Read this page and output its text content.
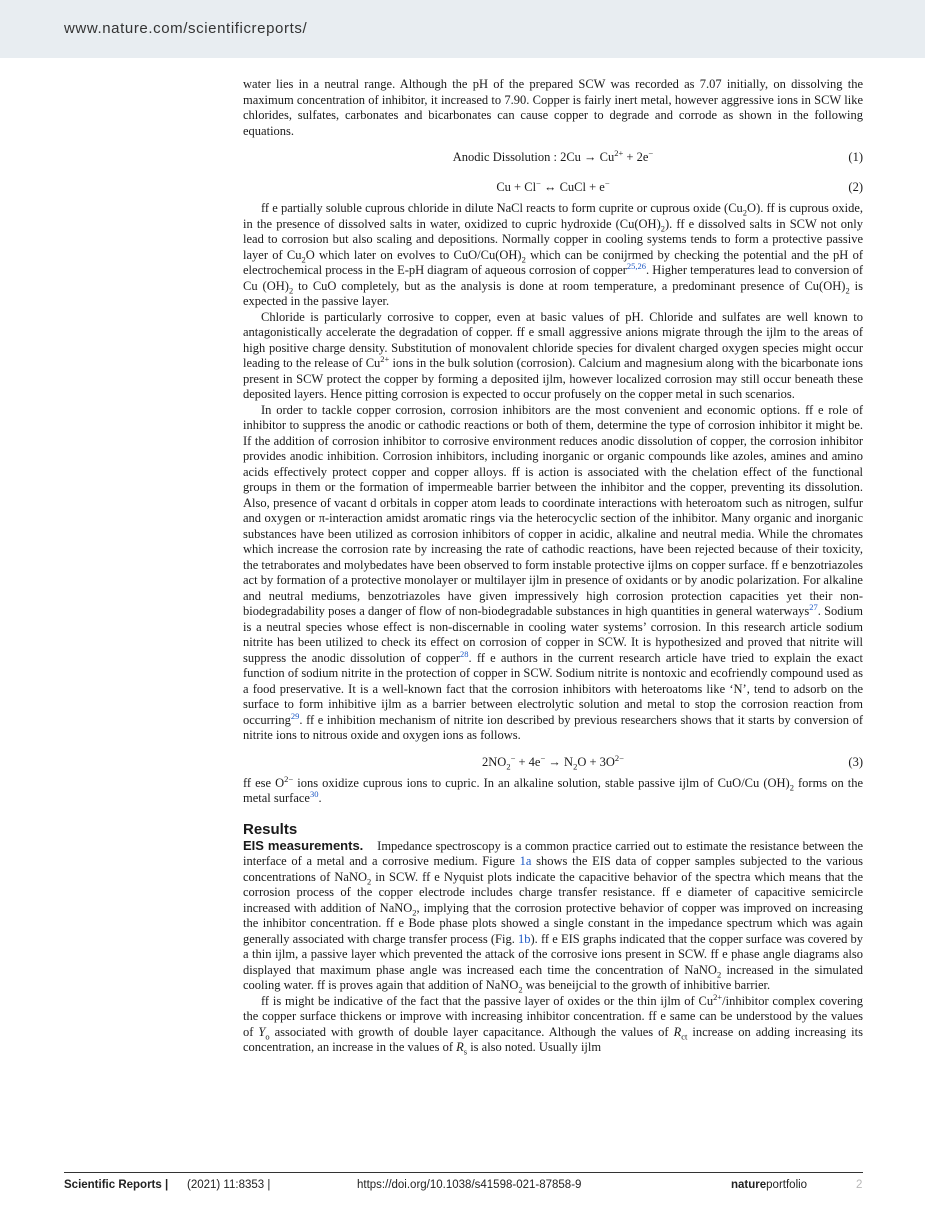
www.nature.com/scientificreports/

water lies in a neutral range. Although the pH of the prepared SCW was recorded as 7.07 initially, on dissolving the maximum concentration of inhibitor, it increased to 7.90. Copper is fairly inert metal, however aggressive ions in SCW like chlorides, sulfates, carbonates and bicarbonates can cause copper to degrade and corrode as shown in the following equations.

Anodic Dissolution : $2Cu \to Cu^{2+} + 2e^-$	(1)
Cu + Cl− ↔ CuCl + e−	(2)

ff e partially soluble cuprous chloride in dilute NaCl reacts to form cuprite or cuprous oxide $(Cu_2O)$. ff is cuprous oxide, in the presence of dissolved salts in water, oxidized to cupric hydroxide $(Cu(OH)_2)$. ff e dissolved salts in SCW not only lead to corrosion but also scaling and depositions. Normally copper in cooling systems tends to form a protective passive layer of $Cu_2O$ which later on evolves to CuO/$Cu(OH)_2$ which can be conijrmed by checking the potential and the pH of electrochemical process in the E-pH diagram of aqueous corrosion of copper$^{25,26}$. Higher temperatures lead to conversion of Cu $(OH)_2$ to CuO completely, but as the analysis is done at room temperature, a predominant presence of $Cu(OH)_2$ is expected in the passive layer.

Chloride is particularly corrosive to copper, even at basic values of pH. Chloride and sulfates are well known to antagonistically accelerate the degradation of copper. ff e small aggressive anions migrate through the ijlm to the areas of high positive charge density. Substitution of monovalent chloride species for divalent charged oxygen species might occur leading to the release of $Cu^{2+}$ ions in the bulk solution (corrosion). Calcium and magnesium along with the bicarbonate ions present in SCW protect the copper by forming a deposited ijlm, however localized corrosion may still occur beneath these deposited layers. Hence pitting corrosion is expected to occur profusely on the copper metal in such scenarios.

In order to tackle copper corrosion, corrosion inhibitors are the most convenient and economic options. ff e role of inhibitor to suppress the anodic or cathodic reactions or both of them, determine the type of corrosion inhibitor it might be. If the addition of corrosion inhibitor to corrosive environment reduces anodic dissolution of copper, the corrosion inhibitor provides anodic inhibition. Corrosion inhibitors, including inorganic or organic compounds like azoles, amines and amino acids effectively protect copper and copper alloys. ff is action is associated with the chelation effect of the functional groups in them or the formation of impermeable barrier between the inhibitor and the copper, preventing its dissolution. Also, presence of vacant d orbitals in copper atom leads to coordinate interactions with heteroatom such as nitrogen, sulfur and oxygen or π-interaction amidst aromatic rings via the heterocyclic section of the inhibitor. Many organic and inorganic substances have been utilized as corrosion inhibitors of copper in acidic, alkaline and neutral media. While the chromates which increase the corrosion rate by increasing the rate of cathodic reactions, have been rejected because of their toxicity, the tetraborates and molybedates have been observed to form instable protective ijlms on copper surface. ff e benzotriazoles act by formation of a protective monolayer or multilayer ijlm in presence of oxidants or by anodic polarization. For alkaline and neutral mediums, benzotriazoles have given impressively high corrosion protection capacities yet their non-biodegradability poses a danger of flow of non-biodegradable substances in high quantities in general waterways$^{27}$. Sodium is a neutral species whose effect is non-discernable in cooling water systems’ corrosion. In this research article sodium nitrite has been utilized to check its effect on corrosion of copper in SCW. It is hypothesized and proved that nitrite will suppress the anodic dissolution of copper$^{28}$. ff e authors in the current research article have tried to explain the exact function of sodium nitrite in the protection of copper in SCW. Sodium nitrite is nontoxic and ecofriendly compound used as a food preservative. It is a well-known fact that the corrosion inhibitors with heteroatoms like ‘N’, tend to adsorb on the surface to form inhibitive ijlm as a barrier between electrolytic solution and metal to stop the corrosion reaction from occurring$^{29}$. ff e inhibition mechanism of nitrite ion described by previous researchers shows that it starts by conversion of nitrite ions to nitrous oxide and oxygen ions as follows.

$2NO_2^- + 4e^- \to N_2O + 3O^{2-}$	(3)

ff ese $O^{2-}$ ions oxidize cuprous ions to cupric. In an alkaline solution, stable passive ijlm of CuO/Cu $(OH)_2$ forms on the metal surface$^{30}$.

Results

EIS measurements. Impedance spectroscopy is a common practice carried out to estimate the resistance between the interface of a metal and a corrosive medium. Figure 1a shows the EIS data of copper samples subjected to the various concentrations of NaNO$_2$ in SCW. ff e Nyquist plots indicate the capacitive behavior of the spectra which means that the corrosion process of the copper electrode includes charge transfer resistance. ff e diameter of capacitive semicircle increased with addition of NaNO$_2$, implying that the corrosion protective behavior of copper was improved on increasing the inhibitor concentration. ff e Bode phase plots showed a single constant in the impedance spectrum which was again generally associated with charge transfer process (Fig. 1b). ff e EIS graphs indicated that the copper surface was covered by a thin ijlm, a passive layer which prevented the attack of the corrosive ions present in SCW. ff e phase angle diagrams also displayed that maximum phase angle was increased each time the concentration of NaNO$_2$ increased in the simulated cooling water. ff is proves again that addition of NaNO$_2$ was beneijcial to the growth of inhibitive barrier.

ff is might be indicative of the fact that the passive layer of oxides or the thin ijlm of $Cu^{2+}$/inhibitor complex covering the copper surface thickens or improve with increasing inhibitor concentration. ff e same can be understood by the values of $Y_o$ associated with growth of double layer capacitance. Although the values of $R_{ct}$ increase on adding increasing its concentration, an increase in the values of $R_s$ is also noted. Usually ijlm

Scientific Reports | (2021) 11:8353 |	https://doi.org/10.1038/s41598-021-87858-9	natureportfolio	2
